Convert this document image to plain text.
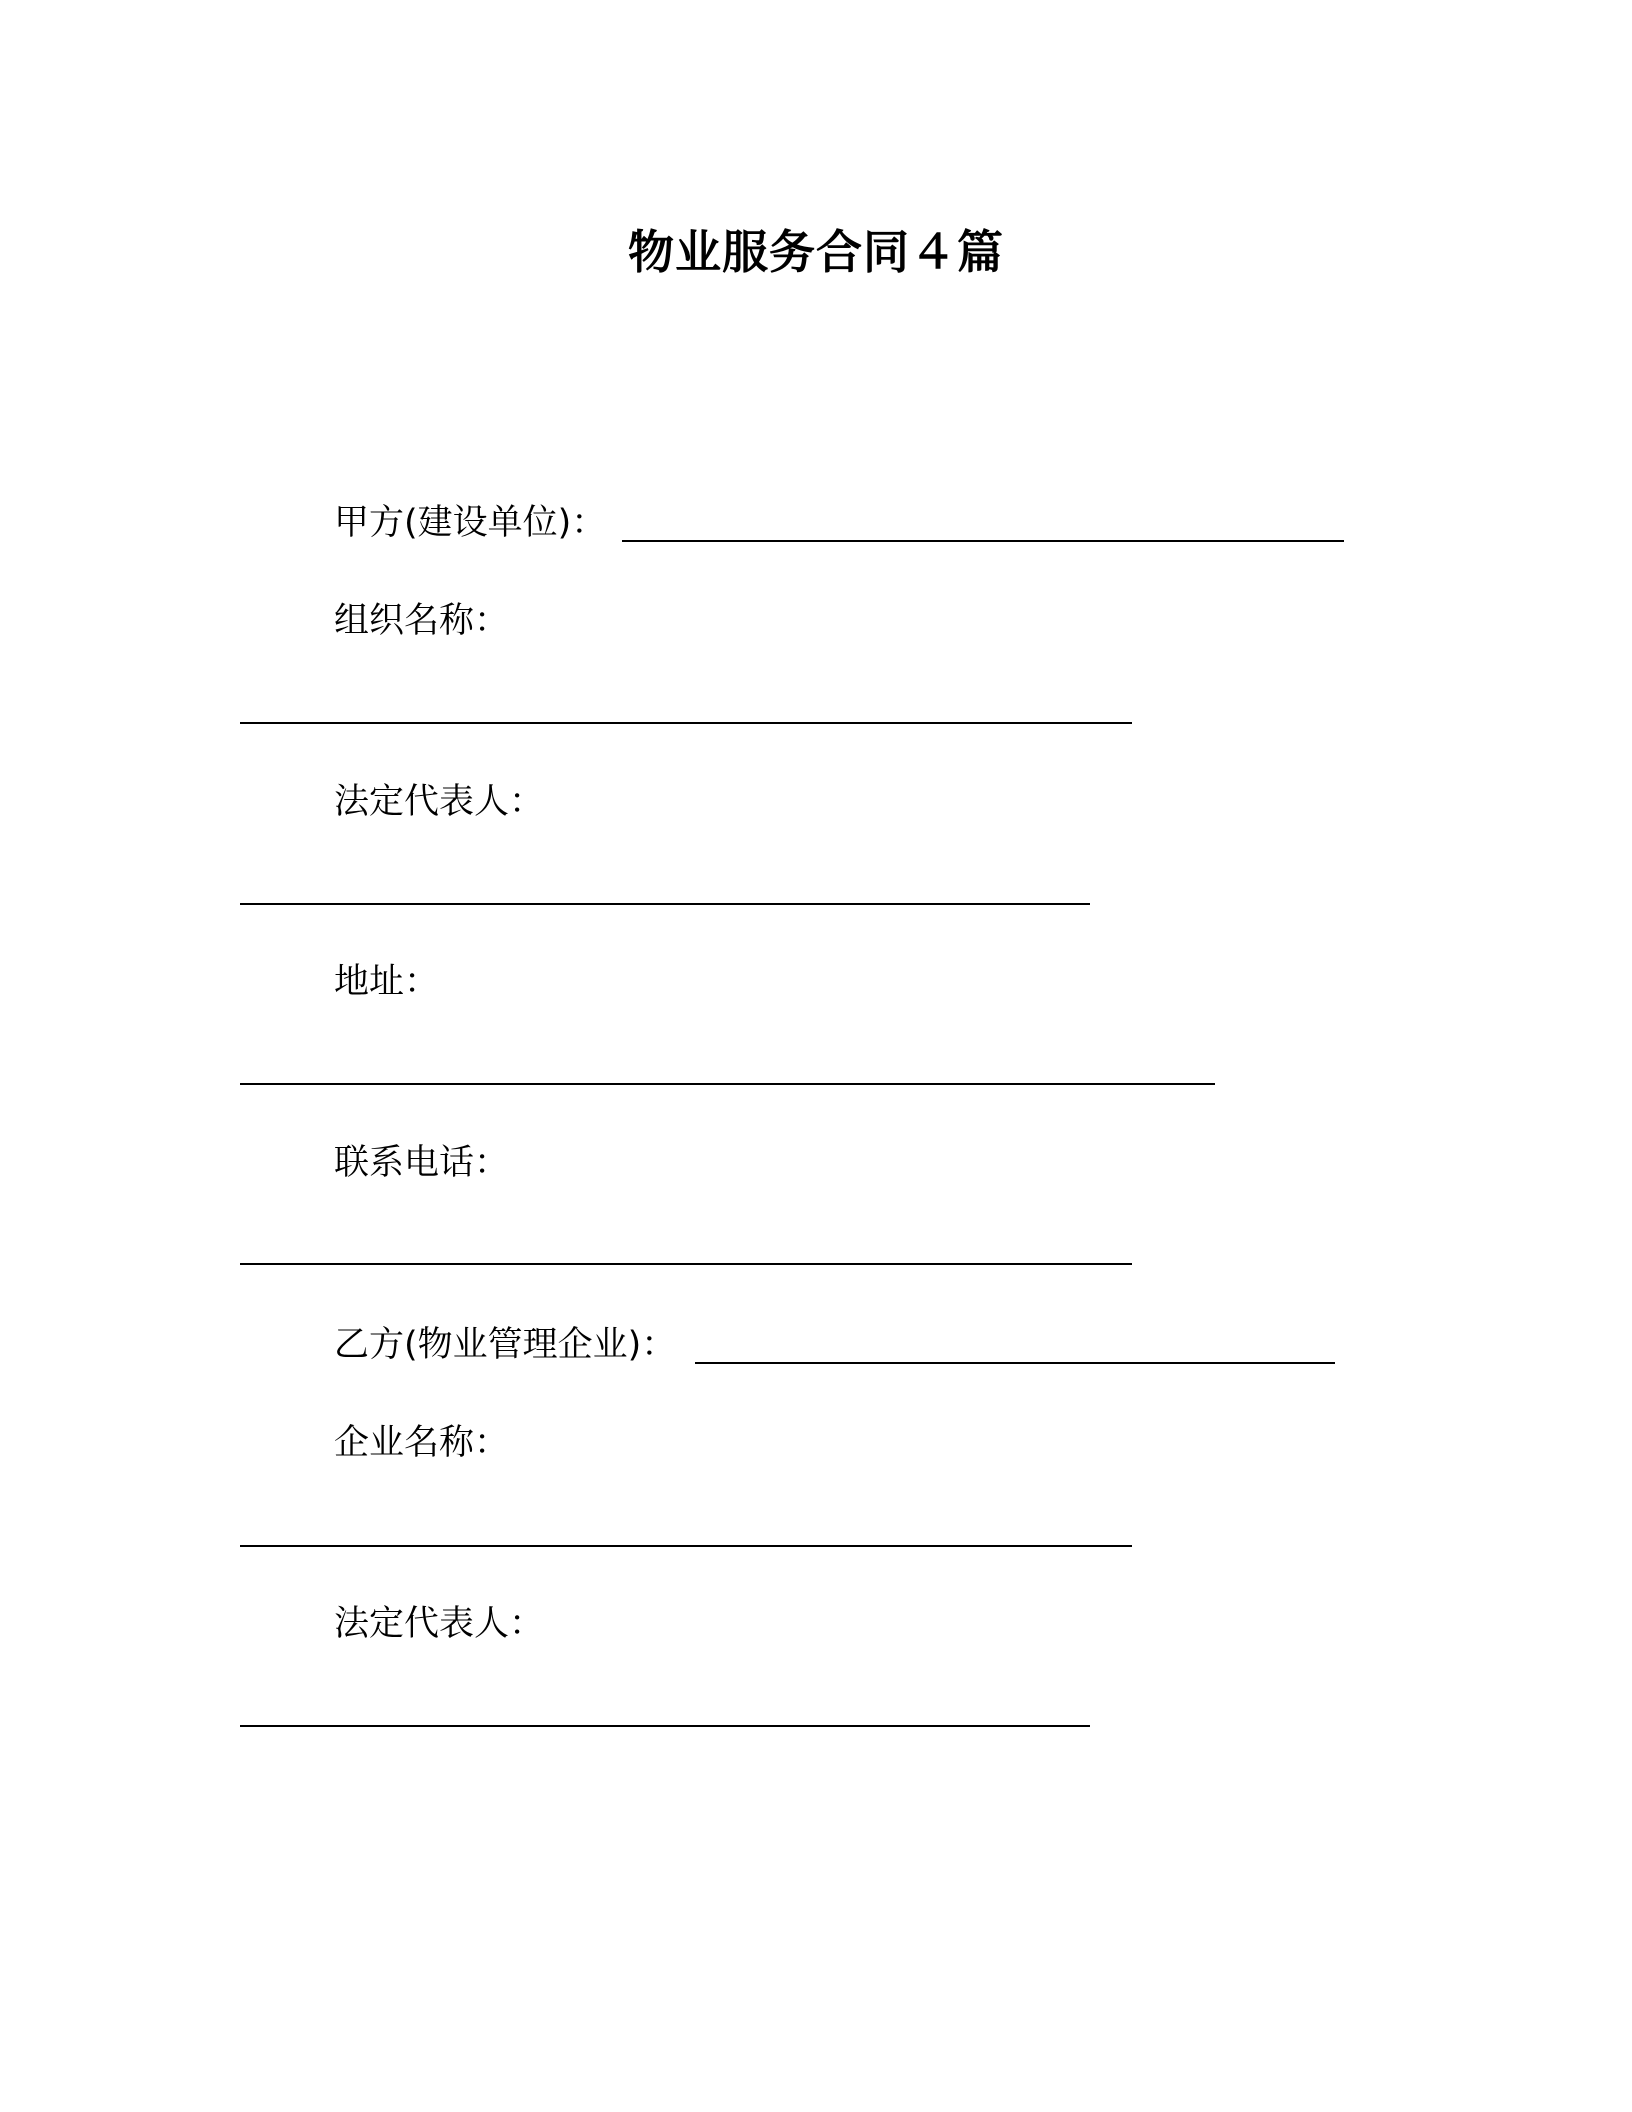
物业服务合同４篇
甲方(建设单位)：
组织名称：
法定代表人：
地址：
联系电话：
乙方(物业管理企业)：
企业名称：
法定代表人：
